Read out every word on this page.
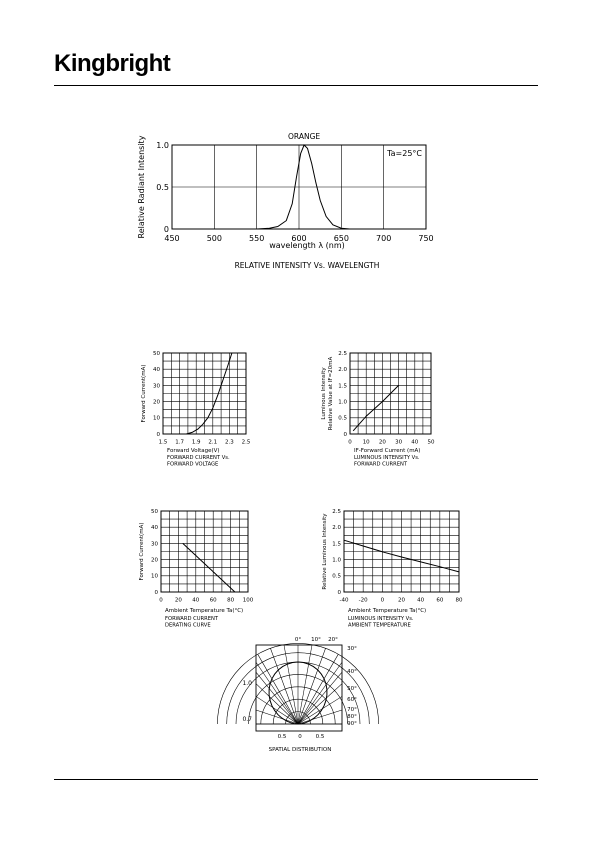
Kingbright
450	500	550	600	650	700	750
0
0.5
1.0
wavelength λ (nm)
Relative Radiant Intensity
RELATIVE INTENSITY Vs. WAVELENGTH
ORANGE
Ta=25°C
1.5 1.7 1.9 2.1 2.3 2.5
0
10
20
30
40
50
Forward Voltage(V)
Forward Current(mA)
FORWARD CURRENT Vs.
FORWARD VOLTAGE
0 10 20 30 40 50
0
0.5
1.0
1.5
2.0
2.5
IF-Forward Current (mA)
Luminous Intensity Relative Value at IF=20mA
LUMINOUS INTENSITY Vs.
FORWARD CURRENT
0 20 40 60 80 100
0
10
20
30
40
50
Ambient Temperature Ta(°C)
Forward Current(mA)
FORWARD CURRENT
DERATING CURVE
-40 -20 0	20 40 60 80
0
0.5
1.0
1.5
2.0
2.5
Ambient Temperature Ta(°C)
Relative Luminous Intensity
LUMINOUS INTENSITY Vs.
AMBIENT TEMPERATURE
0° 10° 20°
30°
40°
50°
60°
70°
80°
90°
1.0
0.7
0.5 0	0.5
SPATIAL DISTRIBUTION
